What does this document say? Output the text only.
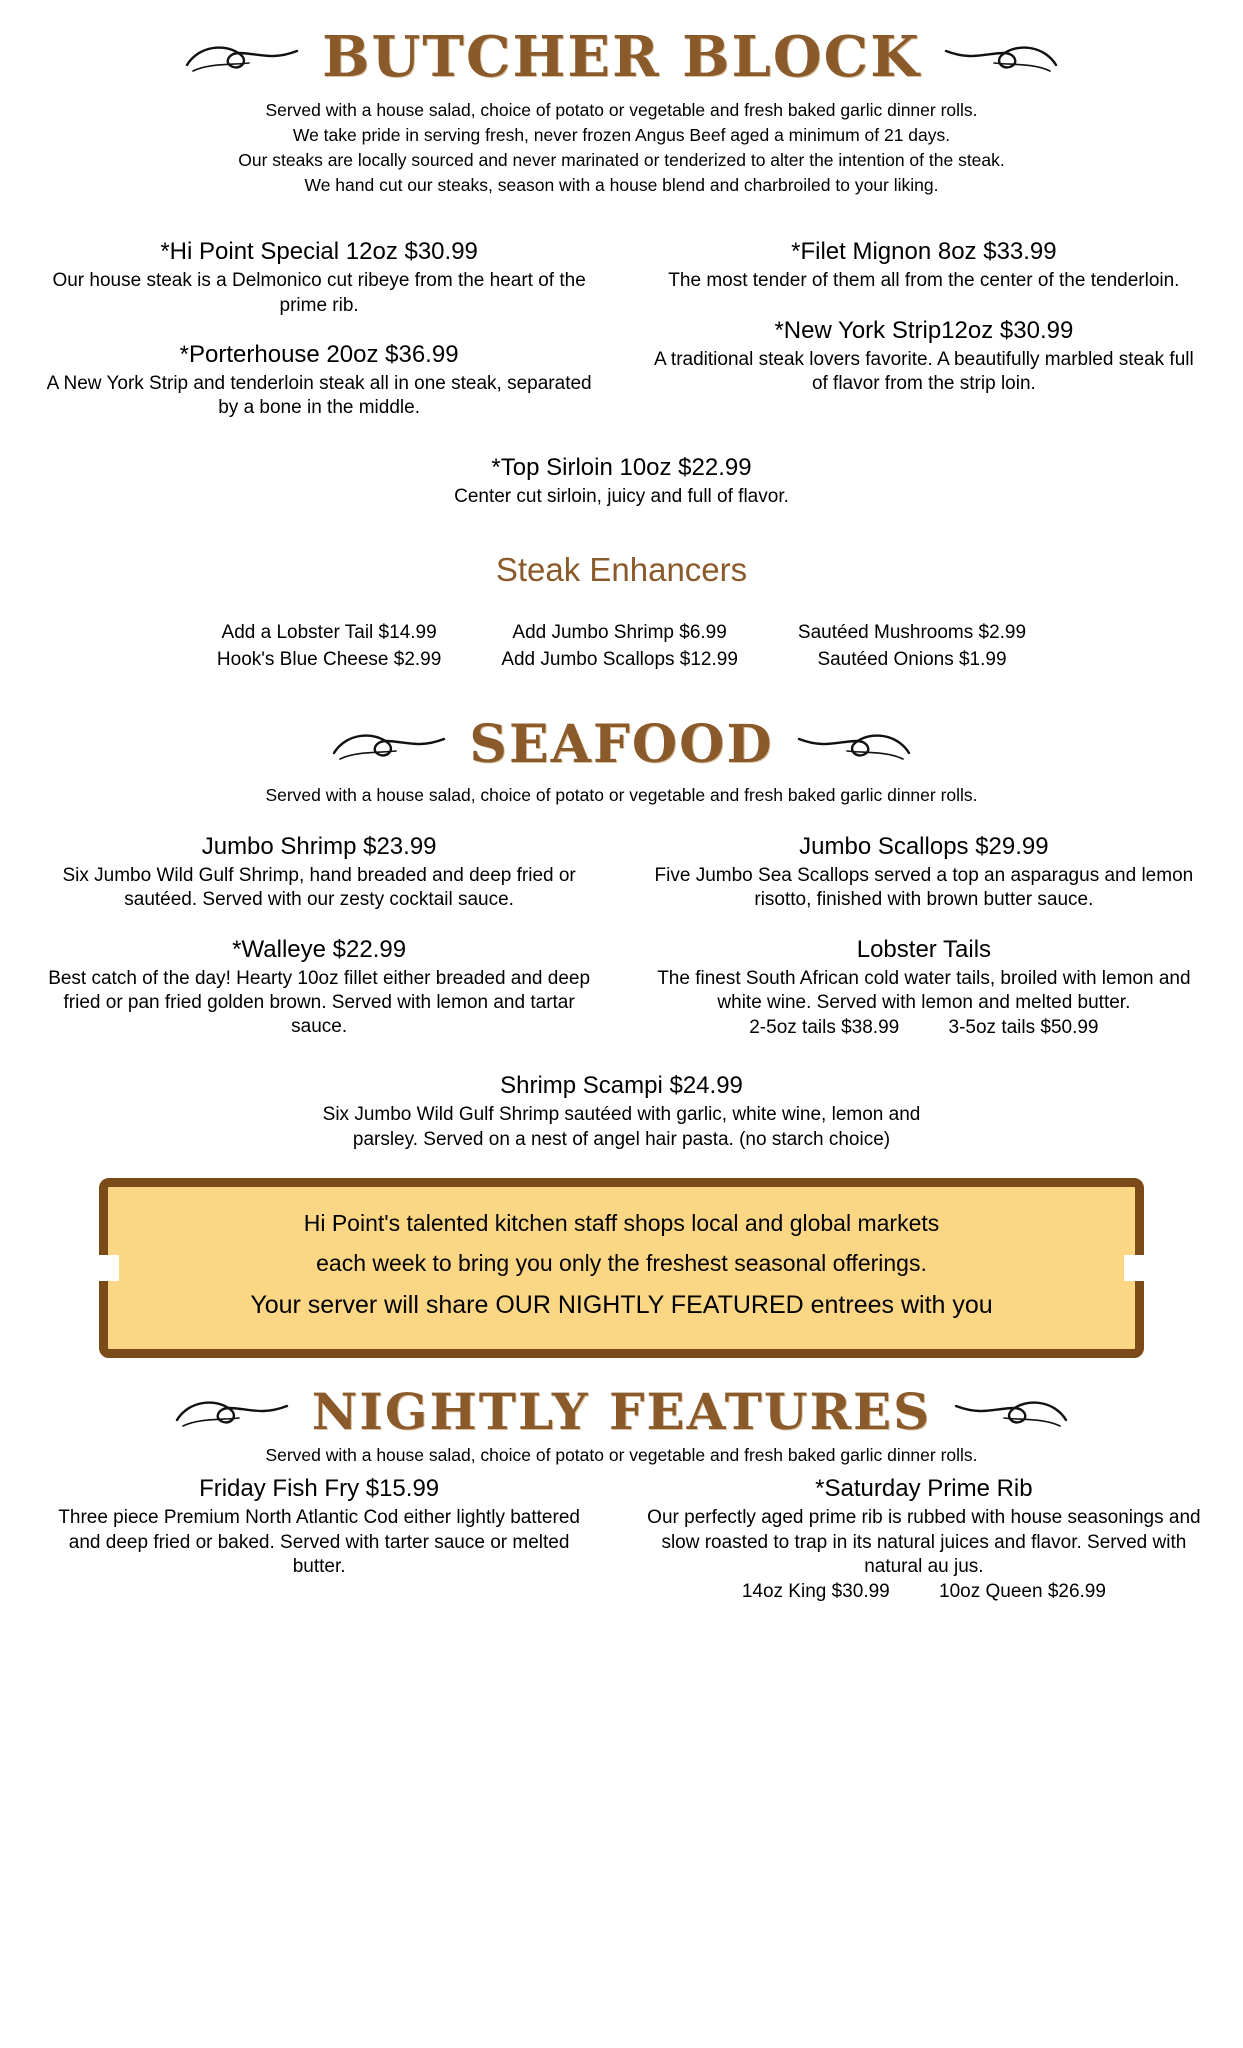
BUTCHER BLOCK
Served with a house salad, choice of potato or vegetable and fresh baked garlic dinner rolls.
We take pride in serving fresh, never frozen Angus Beef aged a minimum of 21 days.
Our steaks are locally sourced and never marinated or tenderized to alter the intention of the steak.
We hand cut our steaks, season with a house blend and charbroiled to your liking.
*Hi Point Special 12oz $30.99
Our house steak is a Delmonico cut ribeye from the heart of the prime rib.
*Porterhouse 20oz $36.99
A New York Strip and tenderloin steak all in one steak, separated by a bone in the middle.
*Filet Mignon 8oz $33.99
The most tender of them all from the center of the tenderloin.
*New York Strip12oz $30.99
A traditional steak lovers favorite. A beautifully marbled steak full of flavor from the strip loin.
*Top Sirloin 10oz $22.99
Center cut sirloin, juicy and full of flavor.
Steak Enhancers
Add a Lobster Tail $14.99
Hook's Blue Cheese $2.99
Add Jumbo Shrimp $6.99
Add Jumbo Scallops $12.99
Sautéed Mushrooms $2.99
Sautéed Onions $1.99
SEAFOOD
Served with a house salad, choice of potato or vegetable and fresh baked garlic dinner rolls.
Jumbo Shrimp $23.99
Six Jumbo Wild Gulf Shrimp, hand breaded and deep fried or sautéed. Served with our zesty cocktail sauce.
*Walleye $22.99
Best catch of the day! Hearty 10oz fillet either breaded and deep fried or pan fried golden brown. Served with lemon and tartar sauce.
Jumbo Scallops $29.99
Five Jumbo Sea Scallops served a top an asparagus and lemon risotto, finished with brown butter sauce.
Lobster Tails
The finest South African cold water tails, broiled with lemon and white wine. Served with lemon and melted butter.
2-5oz tails $38.99	3-5oz tails $50.99
Shrimp Scampi $24.99
Six Jumbo Wild Gulf Shrimp sautéed with garlic, white wine, lemon and parsley. Served on a nest of angel hair pasta. (no starch choice)
Hi Point's talented kitchen staff shops local and global markets
each week to bring you only the freshest seasonal offerings.
Your server will share OUR NIGHTLY FEATURED entrees with you
NIGHTLY FEATURES
Served with a house salad, choice of potato or vegetable and fresh baked garlic dinner rolls.
Friday Fish Fry $15.99
Three piece Premium North Atlantic Cod either lightly battered and deep fried or baked. Served with tarter sauce or melted butter.
*Saturday Prime Rib
Our perfectly aged prime rib is rubbed with house seasonings and slow roasted to trap in its natural juices and flavor. Served with natural au jus.
14oz King $30.99	10oz Queen $26.99
